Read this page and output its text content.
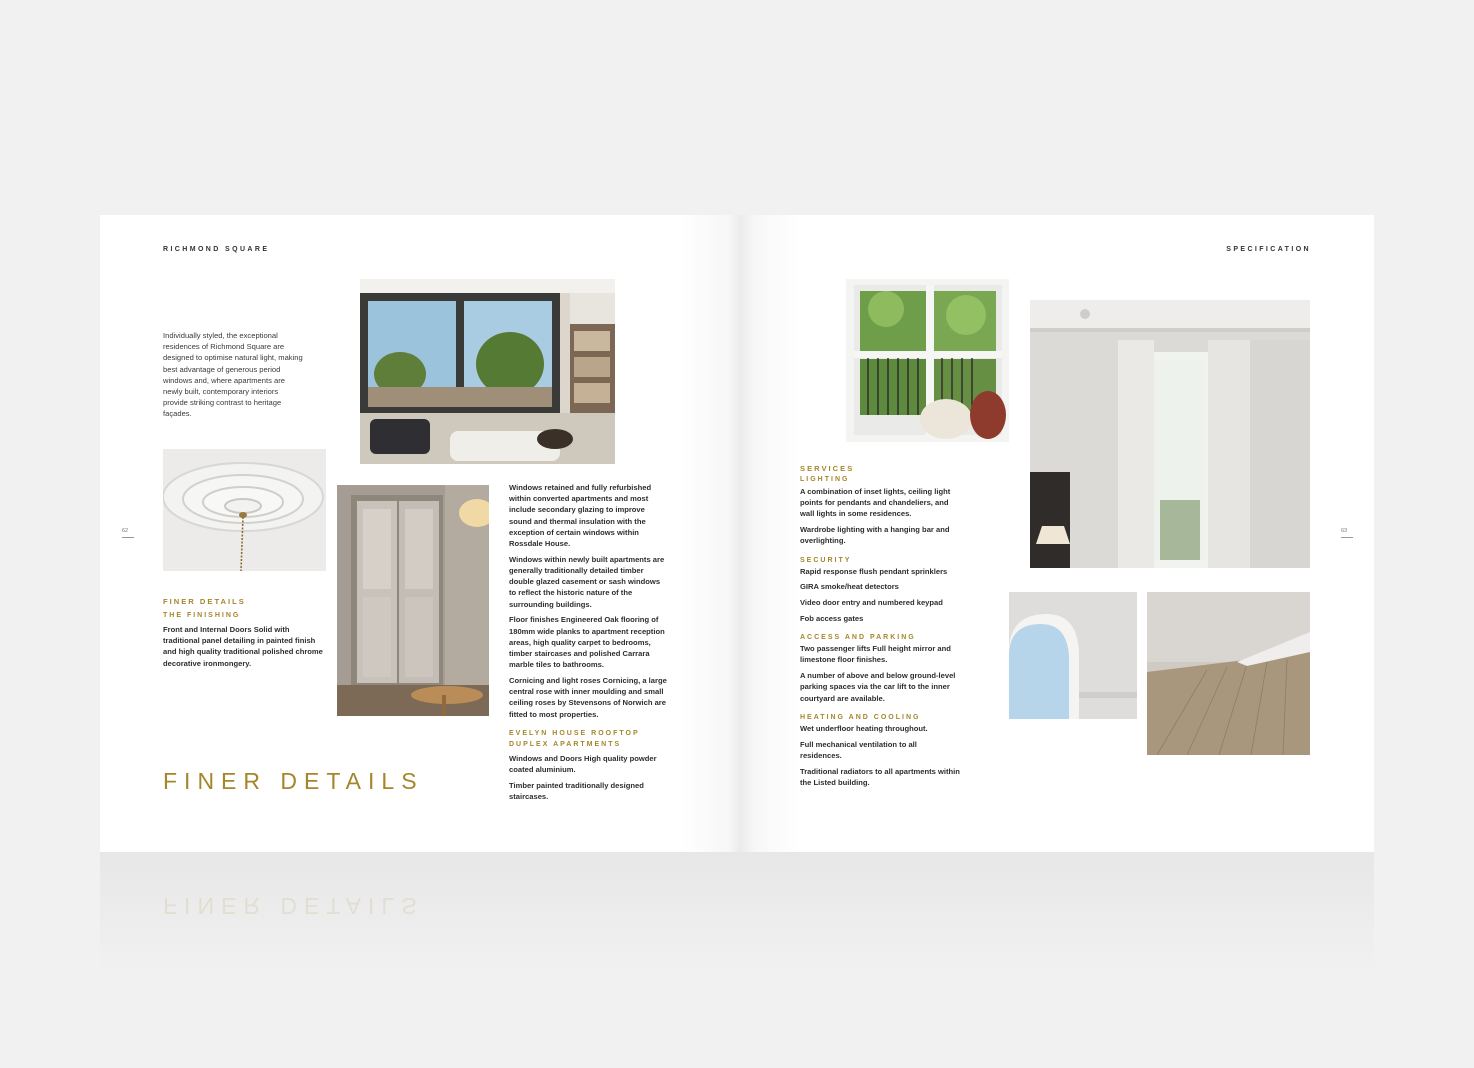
RICHMOND SQUARE
Individually styled, the exceptional residences of Richmond Square are designed to optimise natural light, making best advantage of generous period windows and, where apartments are newly built, contemporary interiors provide striking contrast to heritage façades.
FINER DETAILS
THE FINISHING
Front and Internal Doors Solid with traditional panel detailing in painted finish and high quality traditional polished chrome decorative ironmongery.

Windows retained and fully refurbished within converted apartments and most include secondary glazing to improve sound and thermal insulation with the exception of certain windows within Rossdale House.

Windows within newly built apartments are generally traditionally detailed timber double glazed casement or sash windows to reflect the historic nature of the surrounding buildings.

Floor finishes Engineered Oak flooring of 180mm wide planks to apartment reception areas, high quality carpet to bedrooms, timber staircases and polished Carrara marble tiles to bathrooms.

Cornicing and light roses Cornicing, a large central rose with inner moulding and small ceiling roses by Stevensons of Norwich are fitted to most properties.

EVELYN HOUSE ROOFTOP
DUPLEX APARTMENTS

Windows and Doors High quality powder coated aluminium.

Timber painted traditionally designed staircases.

62
FINER DETAILS
SPECIFICATION
SERVICES
LIGHTING

A combination of inset lights, ceiling light points for pendants and chandeliers, and wall lights in some residences.

Wardrobe lighting with a hanging bar and overlighting.

SECURITY

Rapid response flush pendant sprinklers

GIRA smoke/heat detectors

Video door entry and numbered keypad

Fob access gates

ACCESS AND PARKING

Two passenger lifts Full height mirror and limestone floor finishes.

A number of above and below ground-level parking spaces via the car lift to the inner courtyard are available.

HEATING AND COOLING

Wet underfloor heating throughout.

Full mechanical ventilation to all residences.

Traditional radiators to all apartments within the Listed building.

63
FINER DETAILS
